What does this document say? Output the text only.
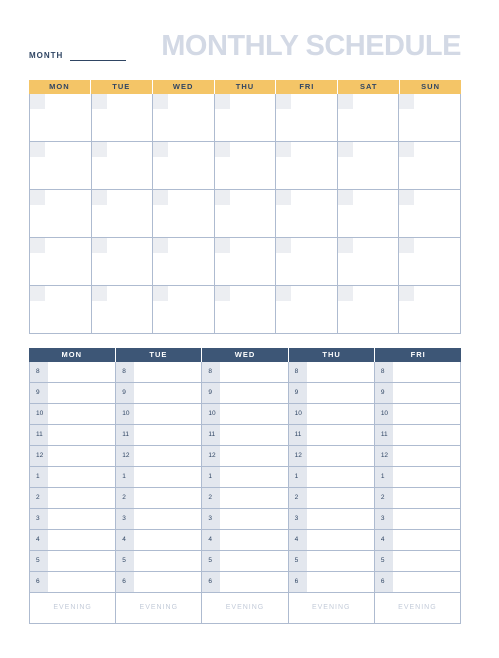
MONTH	MONTHLY SCHEDULE
MON	TUE	WED	THU	FRI	SAT	SUN
MON	TUE	WED	THU	FRI
8	8	8	8	8
9	9	9	9	9
10	10	10	10	10
11	11	11	11	11
12	12	12	12	12
1	1	1	1	1
2	2	2	2	2
3	3	3	3	3
4	4	4	4	4
5	5	5	5	5
6	6	6	6	6
EVENING	EVENING	EVENING	EVENING	EVENING
